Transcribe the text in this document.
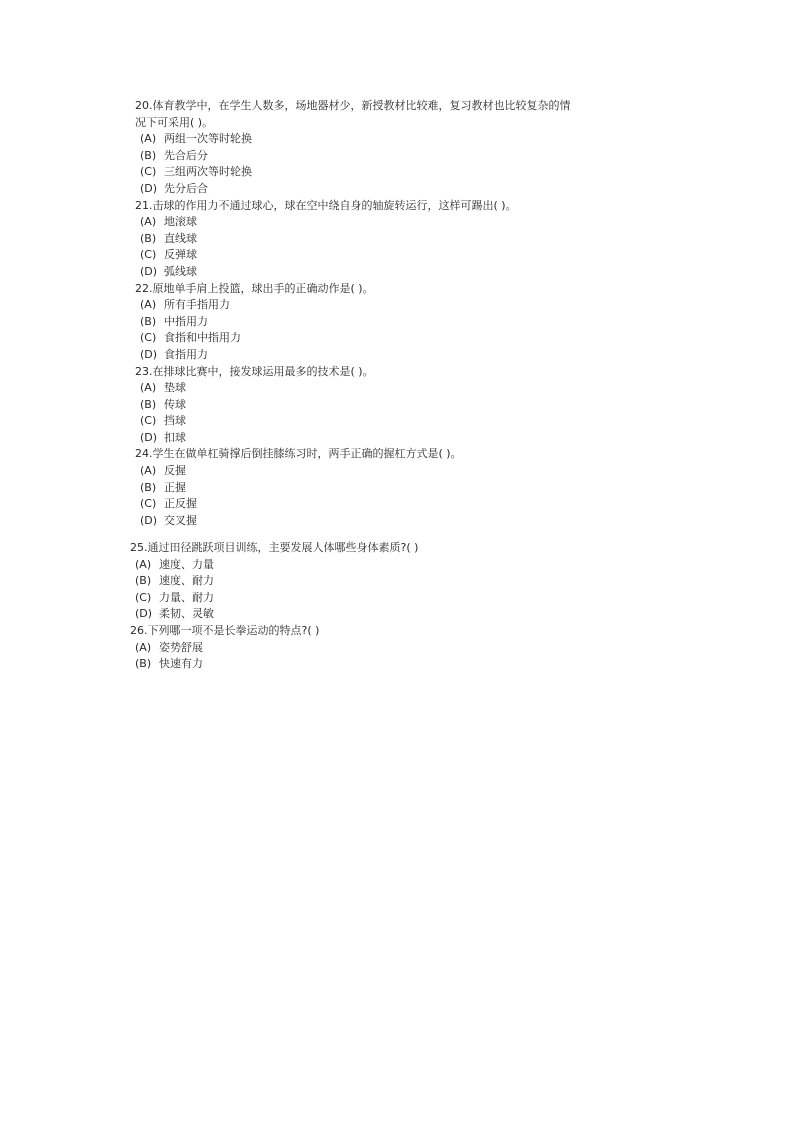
20.体育教学中，在学生人数多，场地器材少，新授教材比较难，复习教材也比较复杂的情
况下可采用( )。
(A) 两组一次等时轮换
(B) 先合后分
(C) 三组两次等时轮换
(D) 先分后合
21.击球的作用力不通过球心，球在空中绕自身的轴旋转运行，这样可踢出( )。
(A) 地滚球
(B) 直线球
(C) 反弹球
(D) 弧线球
22.原地单手肩上投篮，球出手的正确动作是( )。
(A) 所有手指用力
(B) 中指用力
(C) 食指和中指用力
(D) 食指用力
23.在排球比赛中，接发球运用最多的技术是( )。
(A) 垫球
(B) 传球
(C) 挡球
(D) 扣球
24.学生在做单杠骑撑后倒挂膝练习时，两手正确的握杠方式是( )。
(A) 反握
(B) 正握
(C) 正反握
(D) 交叉握
25.通过田径跳跃项目训练，主要发展人体哪些身体素质?( )
(A) 速度、力量
(B) 速度、耐力
(C) 力量、耐力
(D) 柔韧、灵敏
26.下列哪一项不是长拳运动的特点?( )
(A) 姿势舒展
(B) 快速有力
